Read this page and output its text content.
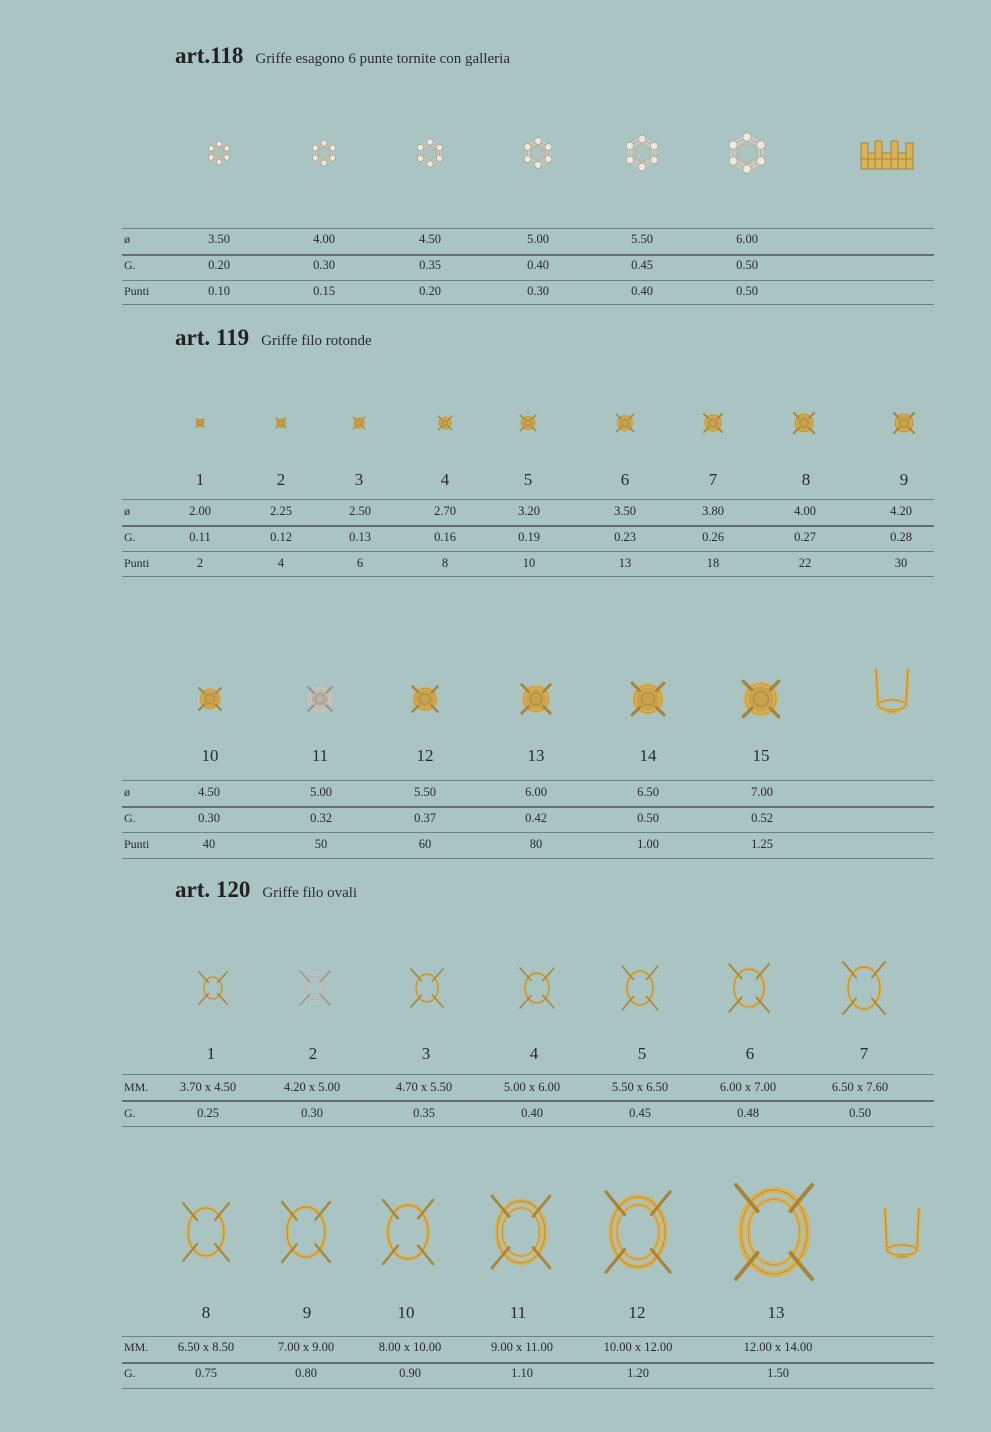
art.118 Griffe esagono 6 punte tornite con galleria
ø	3.50	4.00	4.50	5.00	5.50	6.00
G.	0.20	0.30	0.35	0.40	0.45	0.50
Punti	0.10	0.15	0.20	0.30	0.40	0.50
art. 119 Griffe filo rotonde
1	2	3	4	5	6	7	8	9
ø	2.00	2.25	2.50	2.70	3.20	3.50	3.80	4.00	4.20
G.	0.11	0.12	0.13	0.16	0.19	0.23	0.26	0.27	0.28
Punti	2	4	6	8	10	13	18	22	30
10	11	12	13	14	15
ø	4.50	5.00	5.50	6.00	6.50	7.00
G.	0.30	0.32	0.37	0.42	0.50	0.52
Punti	40	50	60	80	1.00	1.25
art. 120 Griffe filo ovali
1	2	3	4	5	6	7
MM.	3.70 x 4.50	4.20 x 5.00	4.70 x 5.50	5.00 x 6.00	5.50 x 6.50	6.00 x 7.00	6.50 x 7.60
G.	0.25	0.30	0.35	0.40	0.45	0.48	0.50
8	9	10	11	12	13
MM. 6.50 x 8.50	7.00 x 9.00	8.00 x 10.00	9.00 x 11.00	10.00 x 12.00	12.00 x 14.00
G.	0.75	0.80	0.90	1.10	1.20	1.50
